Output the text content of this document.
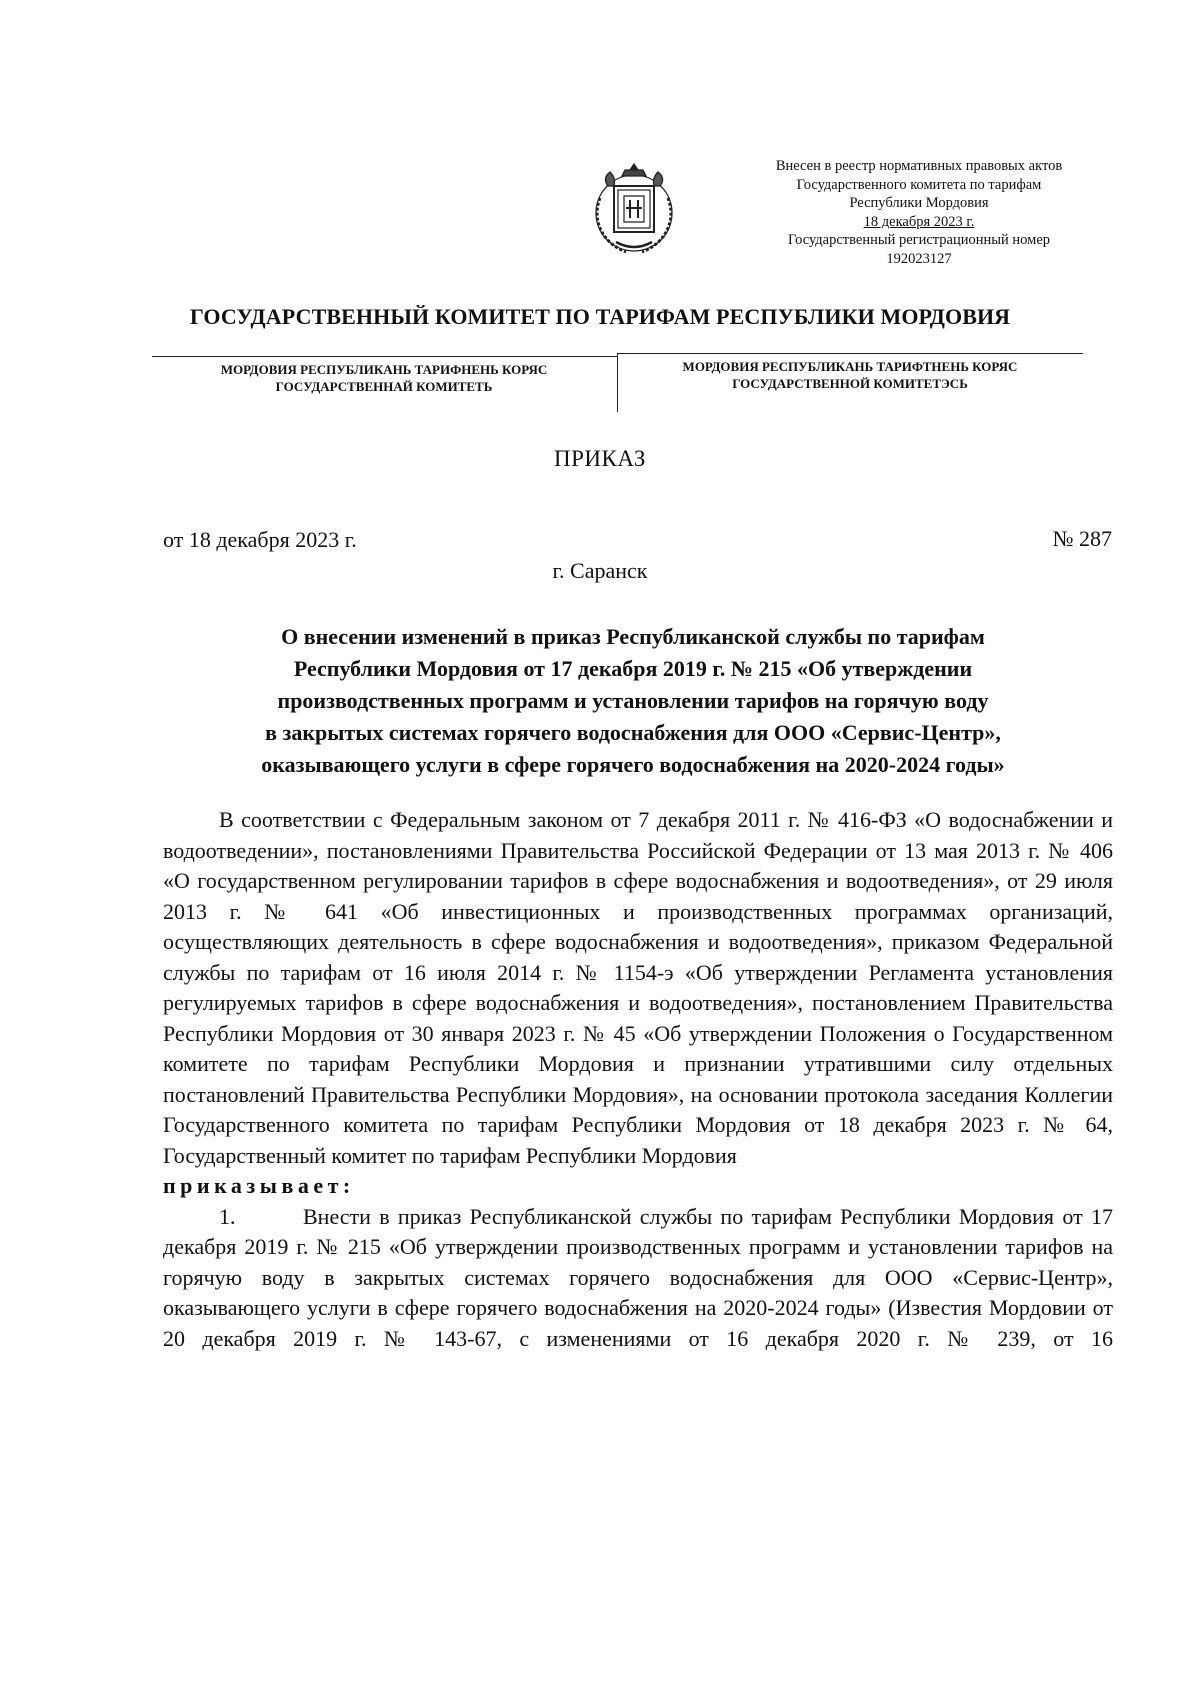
Внесен в реестр нормативных правовых актов
Государственного комитета по тарифам
Республики Мордовия
18 декабря 2023 г.
Государственный регистрационный номер
192023127
ГОСУДАРСТВЕННЫЙ КОМИТЕТ ПО ТАРИФАМ РЕСПУБЛИКИ МОРДОВИЯ
МОРДОВИЯ РЕСПУБЛИКАНЬ ТАРИФНЕНЬ КОРЯС
ГОСУДАРСТВЕННАЙ КОМИТЕТЬ
МОРДОВИЯ РЕСПУБЛИКАНЬ ТАРИФТНЕНЬ КОРЯС
ГОСУДАРСТВЕННОЙ КОМИТЕТЭСЬ
ПРИКАЗ
от 18 декабря 2023 г.	№ 287
г. Саранск
О внесении изменений в приказ Республиканской службы по тарифам
Республики Мордовия от 17 декабря 2019 г. № 215 «Об утверждении
производственных программ и установлении тарифов на горячую воду
в закрытых системах горячего водоснабжения для ООО «Сервис-Центр»,
оказывающего услуги в сфере горячего водоснабжения на 2020-2024 годы»

В соответствии с Федеральным законом от 7 декабря 2011 г. № 416-ФЗ «О водоснабжении и водоотведении», постановлениями Правительства Российской Федерации от 13 мая 2013 г. № 406 «О государственном регулировании тарифов в сфере водоснабжения и водоотведения», от 29 июля 2013 г. № 641 «Об инвестиционных и производственных программах организаций, осуществляющих деятельность в сфере водоснабжения и водоотведения», приказом Федеральной службы по тарифам от 16 июля 2014 г. № 1154-э «Об утверждении Регламента установления регулируемых тарифов в сфере водоснабжения и водоотведения», постановлением Правительства Республики Мордовия от 30 января 2023 г. № 45 «Об утверждении Положения о Государственном комитете по тарифам Республики Мордовия и признании утратившими силу отдельных постановлений Правительства Республики Мордовия», на основании протокола заседания Коллегии Государственного комитета по тарифам Республики Мордовия от 18 декабря 2023 г. № 64, Государственный комитет по тарифам Республики Мордовия

приказывает:

1.	Внести в приказ Республиканской службы по тарифам Республики Мордовия от 17 декабря 2019 г. № 215 «Об утверждении производственных программ и установлении тарифов на горячую воду в закрытых системах горячего водоснабжения для ООО «Сервис-Центр», оказывающего услуги в сфере горячего водоснабжения на 2020-2024 годы» (Известия Мордовии от 20 декабря 2019 г. № 143-67, с изменениями от 16 декабря 2020 г. № 239, от 16
